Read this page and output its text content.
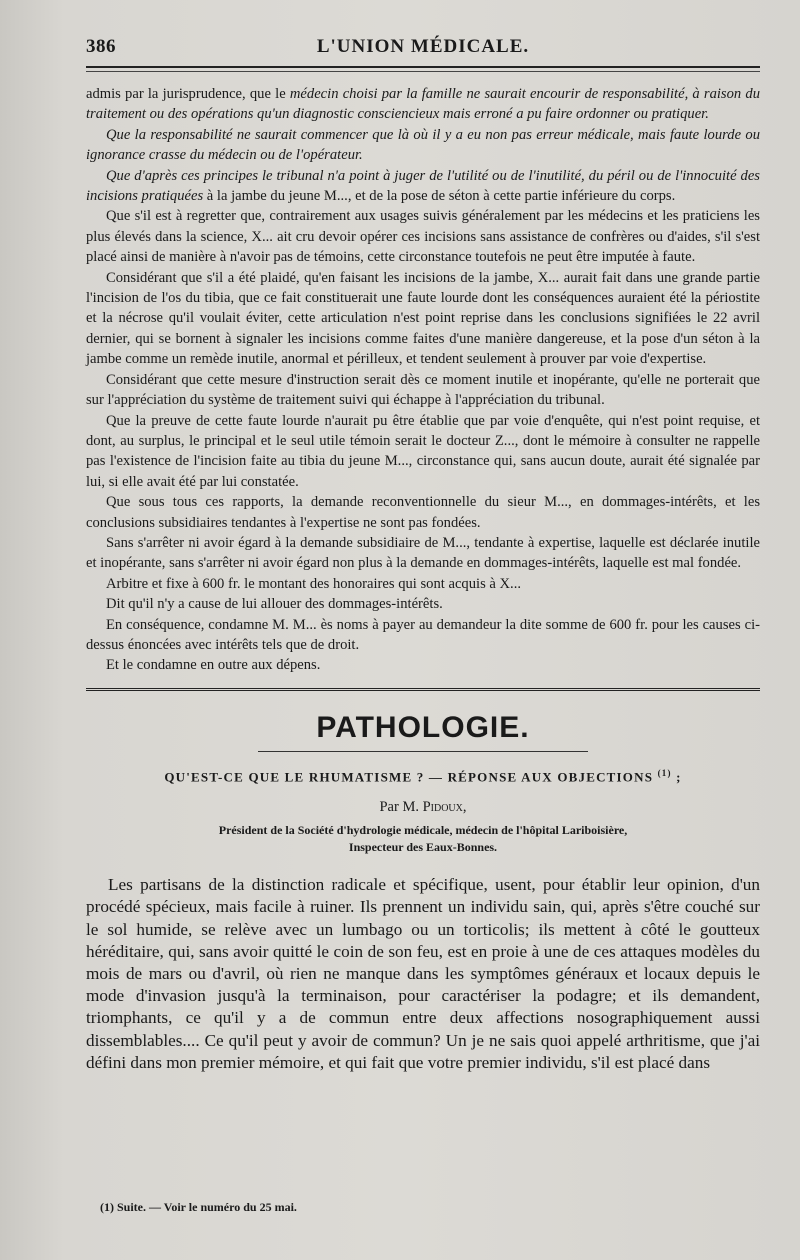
386	L'UNION MÉDICALE.

admis par la jurisprudence, que le médecin choisi par la famille ne saurait encourir de responsabilité, à raison du traitement ou des opérations qu'un diagnostic consciencieux mais erroné a pu faire ordonner ou pratiquer.

Que la responsabilité ne saurait commencer que là où il y a eu non pas erreur médicale, mais faute lourde ou ignorance crasse du médecin ou de l'opérateur.

Que d'après ces principes le tribunal n'a point à juger de l'utilité ou de l'inutilité, du péril ou de l'innocuité des incisions pratiquées à la jambe du jeune M..., et de la pose de séton à cette partie inférieure du corps.

Que s'il est à regretter que, contrairement aux usages suivis généralement par les médecins et les praticiens les plus élevés dans la science, X... ait cru devoir opérer ces incisions sans assistance de confrères ou d'aides, s'il s'est placé ainsi de manière à n'avoir pas de témoins, cette circonstance toutefois ne peut être imputée à faute.

Considérant que s'il a été plaidé, qu'en faisant les incisions de la jambe, X... aurait fait dans une grande partie l'incision de l'os du tibia, que ce fait constituerait une faute lourde dont les conséquences auraient été la périostite et la nécrose qu'il voulait éviter, cette articulation n'est point reprise dans les conclusions signifiées le 22 avril dernier, qui se bornent à signaler les incisions comme faites d'une manière dangereuse, et la pose d'un séton à la jambe comme un remède inutile, anormal et périlleux, et tendent seulement à prouver par voie d'expertise.

Considérant que cette mesure d'instruction serait dès ce moment inutile et inopérante, qu'elle ne porterait que sur l'appréciation du système de traitement suivi qui échappe à l'appréciation du tribunal.

Que la preuve de cette faute lourde n'aurait pu être établie que par voie d'enquête, qui n'est point requise, et dont, au surplus, le principal et le seul utile témoin serait le docteur Z..., dont le mémoire à consulter ne rappelle pas l'existence de l'incision faite au tibia du jeune M..., circonstance qui, sans aucun doute, aurait été signalée par lui, si elle avait été par lui constatée.

Que sous tous ces rapports, la demande reconventionnelle du sieur M..., en dommages-intérêts, et les conclusions subsidiaires tendantes à l'expertise ne sont pas fondées.

Sans s'arrêter ni avoir égard à la demande subsidiaire de M..., tendante à expertise, laquelle est déclarée inutile et inopérante, sans s'arrêter ni avoir égard non plus à la demande en dommages-intérêts, laquelle est mal fondée.

Arbitre et fixe à 600 fr. le montant des honoraires qui sont acquis à X...

Dit qu'il n'y a cause de lui allouer des dommages-intérêts.

En conséquence, condamne M. M... ès noms à payer au demandeur la dite somme de 600 fr. pour les causes ci-dessus énoncées avec intérêts tels que de droit.

Et le condamne en outre aux dépens.

PATHOLOGIE.
QU'EST-CE QUE LE RHUMATISME ? — RÉPONSE AUX OBJECTIONS $^{(1)}$ ;
Par M. Pidoux,
Président de la Société d'hydrologie médicale, médecin de l'hôpital Lariboisière,
Inspecteur des Eaux-Bonnes.

Les partisans de la distinction radicale et spécifique, usent, pour établir leur opinion, d'un procédé spécieux, mais facile à ruiner. Ils prennent un individu sain, qui, après s'être couché sur le sol humide, se relève avec un lumbago ou un torticolis; ils mettent à côté le goutteux héréditaire, qui, sans avoir quitté le coin de son feu, est en proie à une de ces attaques modèles du mois de mars ou d'avril, où rien ne manque dans les symptômes généraux et locaux depuis le mode d'invasion jusqu'à la terminaison, pour caractériser la podagre; et ils demandent, triomphants, ce qu'il y a de commun entre deux affections nosographiquement aussi dissemblables.... Ce qu'il peut y avoir de commun? Un je ne sais quoi appelé arthritisme, que j'ai défini dans mon premier mémoire, et qui fait que votre premier individu, s'il est placé dans

(1) Suite. — Voir le numéro du 25 mai.
